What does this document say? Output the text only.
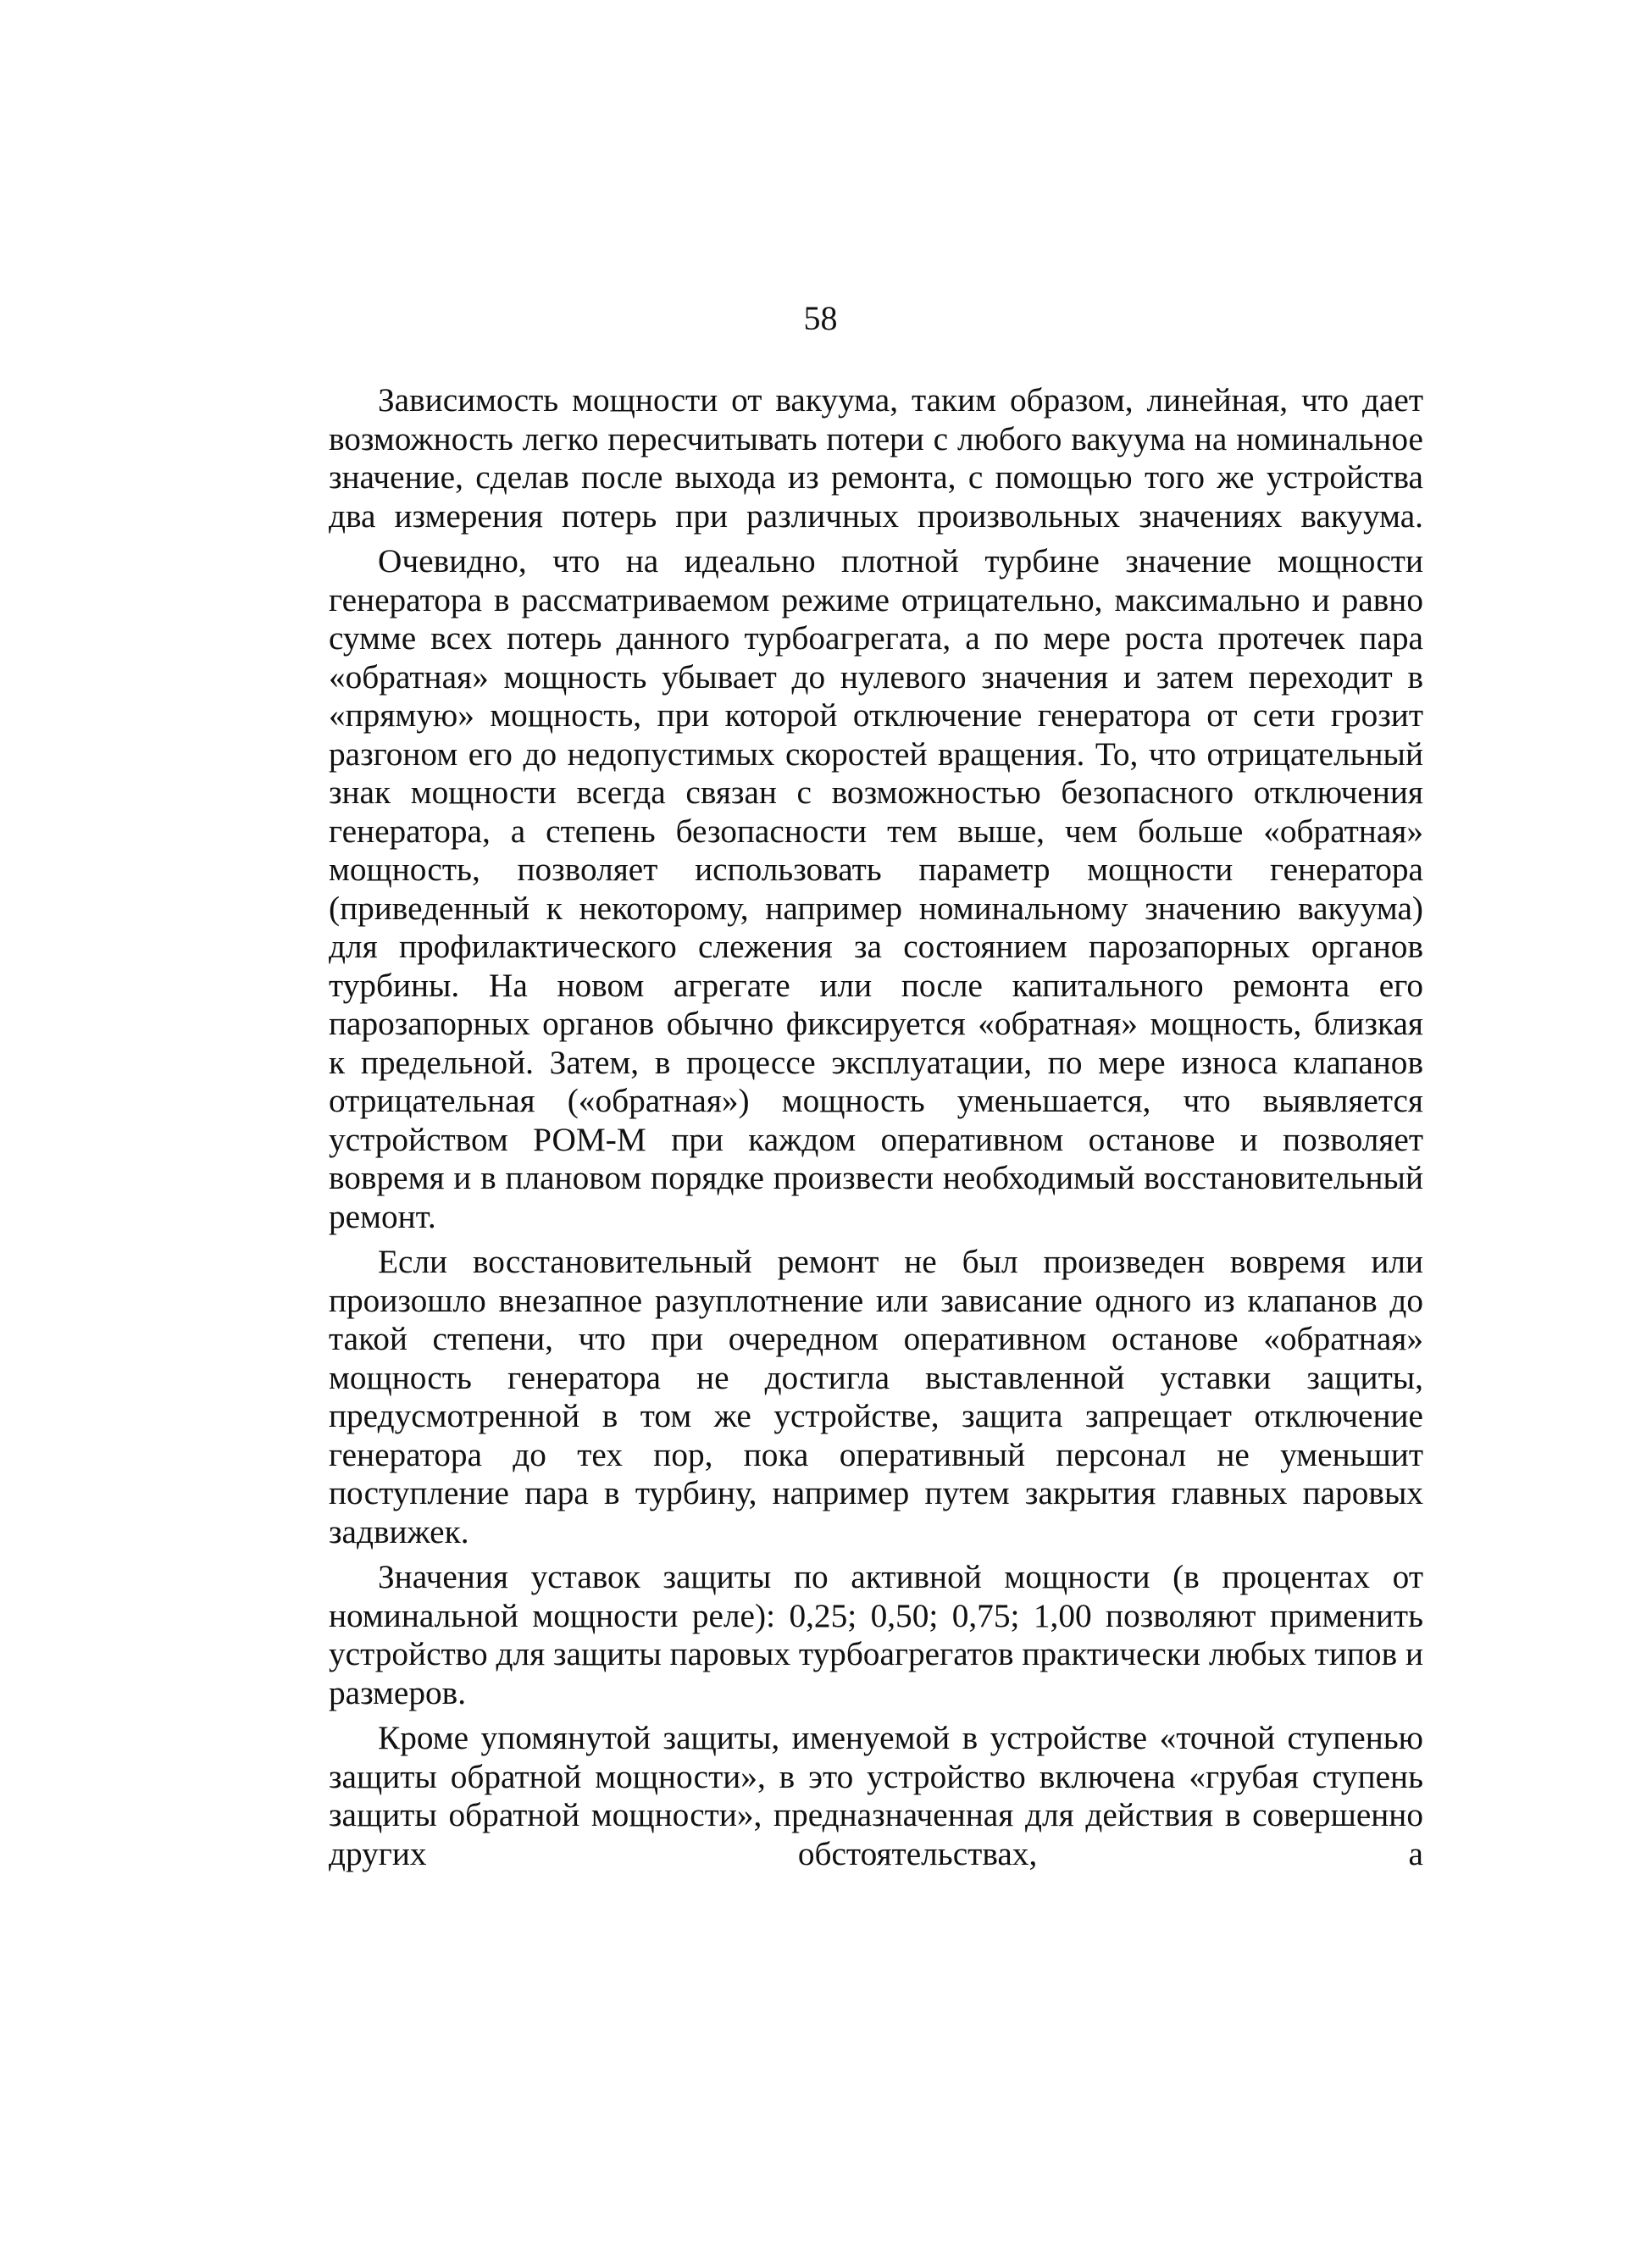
58

Зависимость мощности от вакуума, таким образом, линейная, что дает возможность легко пересчитывать потери с любого вакуума на номинальное значение, сделав после выхода из ремонта, с помощью того же устройства два измерения потерь при различных произвольных значениях вакуума.

Очевидно, что на идеально плотной турбине значение мощности генератора в рассматриваемом режиме отрицательно, максимально и равно сумме всех потерь данного турбоагрегата, а по мере роста протечек пара «обратная» мощность убывает до нулевого значения и затем переходит в «прямую» мощность, при которой отключение генератора от сети грозит разгоном его до недопустимых скоростей вращения. То, что отрицательный знак мощности всегда связан с возможностью безопасного отключения генератора, а степень безопасности тем выше, чем больше «обратная» мощность, позволяет использовать параметр мощности генератора (приведенный к некоторому, например номинальному значению вакуума) для профилактического слежения за состоянием парозапорных органов турбины. На новом агрегате или после капитального ремонта его парозапорных органов обычно фиксируется «обратная» мощность, близкая к предельной. Затем, в процессе эксплуатации, по мере износа клапанов отрицательная («обратная») мощность уменьшается, что выявляется устройством РОМ-М при каждом оперативном останове и позволяет вовремя и в плановом порядке произвести необходимый восстановительный ремонт.

Если восстановительный ремонт не был произведен вовремя или произошло внезапное разуплотнение или зависание одного из клапанов до такой степени, что при очередном оперативном останове «обратная» мощность генератора не достигла выставленной уставки защиты, предусмотренной в том же устройстве, защита запрещает отключение генератора до тех пор, пока оперативный персонал не уменьшит поступление пара в турбину, например путем закрытия главных паровых задвижек.

Значения уставок защиты по активной мощности (в процентах от номинальной мощности реле): 0,25; 0,50; 0,75; 1,00 позволяют применить устройство для защиты паровых турбоагрегатов практически любых типов и размеров.

Кроме упомянутой защиты, именуемой в устройстве «точной ступенью защиты обратной мощности», в это устройство включена «грубая ступень защиты обратной мощности», предназначенная для действия в совершенно других обстоятельствах, а
